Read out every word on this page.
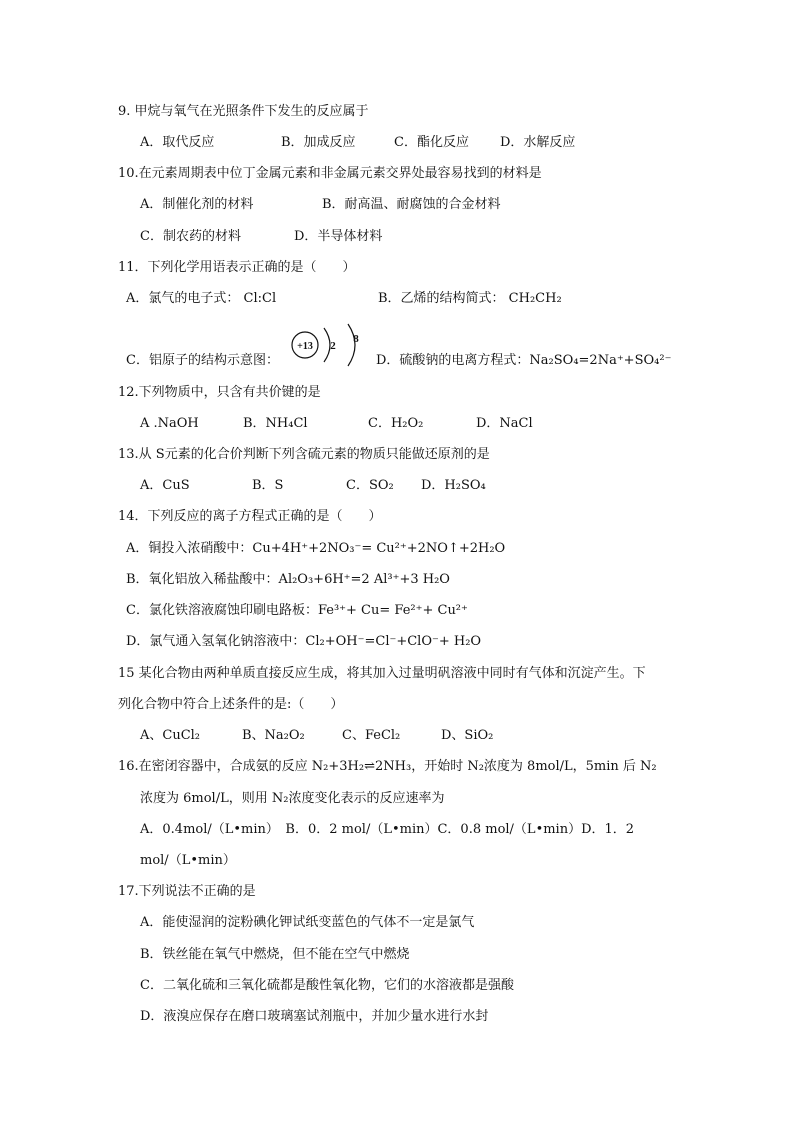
9. 甲烷与氧气在光照条件下发生的反应属于
A．取代反应	B．加成反应	C．酯化反应 D．水解反应
10.在元素周期表中位丁金属元素和非金属元素交界处最容易找到的材料是
A．制催化剂的材料	B．耐高温、耐腐蚀的合金材料
C．制农药的材料	D．半导体材料
11．下列化学用语表示正确的是（　　）
A．氯气的电子式： Cl:Cl	B．乙烯的结构简式： CH₂CH₂
C．铝原子的结构示意图：	D．硫酸钠的电离方程式：Na₂SO₄=2Na⁺+SO₄²⁻
+13 2
8
12.下列物质中，只含有共价键的是
A .NaOH	B．NH₄Cl	C．H₂O₂	D．NaCl
13.从 S元素的化合价判断下列含硫元素的物质只能做还原剂的是
A．CuS	B．S	C．SO₂ D．H₂SO₄
14．下列反应的离子方程式正确的是（　　）
A．铜投入浓硝酸中：Cu+4H⁺+2NO₃⁻= Cu²⁺+2NO↑+2H₂O
B．氧化铝放入稀盐酸中：Al₂O₃+6H⁺=2 Al³⁺+3 H₂O
C．氯化铁溶液腐蚀印刷电路板：Fe³⁺+ Cu= Fe²⁺+ Cu²⁺
D．氯气通入氢氧化钠溶液中：Cl₂+OH⁻=Cl⁻+ClO⁻+ H₂O
15 某化合物由两种单质直接反应生成，将其加入过量明矾溶液中同时有气体和沉淀产生。下
列化合物中符合上述条件的是:（　　）
A、CuCl₂	B、Na₂O₂	C、FeCl₂	D、SiO₂
16.在密闭容器中，合成氨的反应 N₂+3H₂⇌2NH₃，开始时 N₂浓度为 8mol/L，5min 后 N₂
浓度为 6mol/L，则用 N₂浓度变化表示的反应速率为
A．0.4mol/（L•min）　B．0．2 mol/（L•min）C．0.8 mol/（L•min）D．1．2
mol/（L•min）
17.下列说法不正确的是
A．能使湿润的淀粉碘化钾试纸变蓝色的气体不一定是氯气
B．铁丝能在氧气中燃烧，但不能在空气中燃烧
C．二氧化硫和三氧化硫都是酸性氧化物，它们的水溶液都是强酸
D．液溴应保存在磨口玻璃塞试剂瓶中，并加少量水进行水封
